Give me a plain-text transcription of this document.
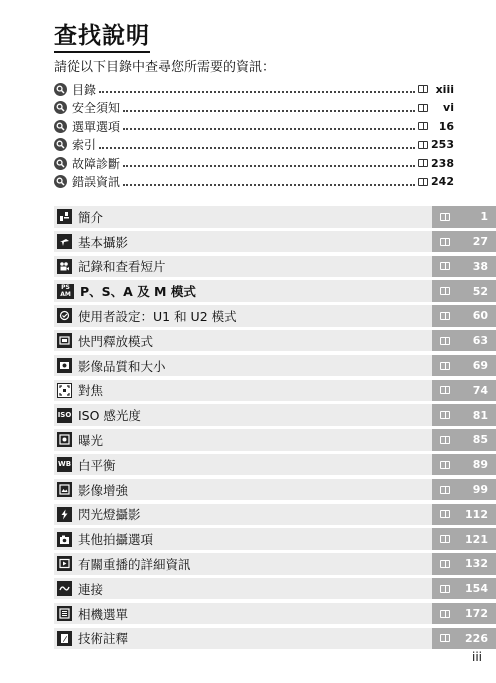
查找說明
請從以下目錄中查尋您所需要的資訊：
目錄	xiii
安全須知	vi
選單選項	16
索引	253
故障診斷	238
錯誤資訊	242
簡介	1
基本攝影	27
記錄和查看短片	38
PS AM P、S、A 及 M 模式	52
使用者設定：U1 和 U2 模式	60
快門釋放模式	63
影像品質和大小	69
對焦	74
ISO ISO 感光度	81
曝光	85
WB 白平衡	89
影像增強	99
閃光燈攝影	112
其他拍攝選項	121
有關重播的詳細資訊	132
連接	154
相機選單	172
技術註釋	226
iii
